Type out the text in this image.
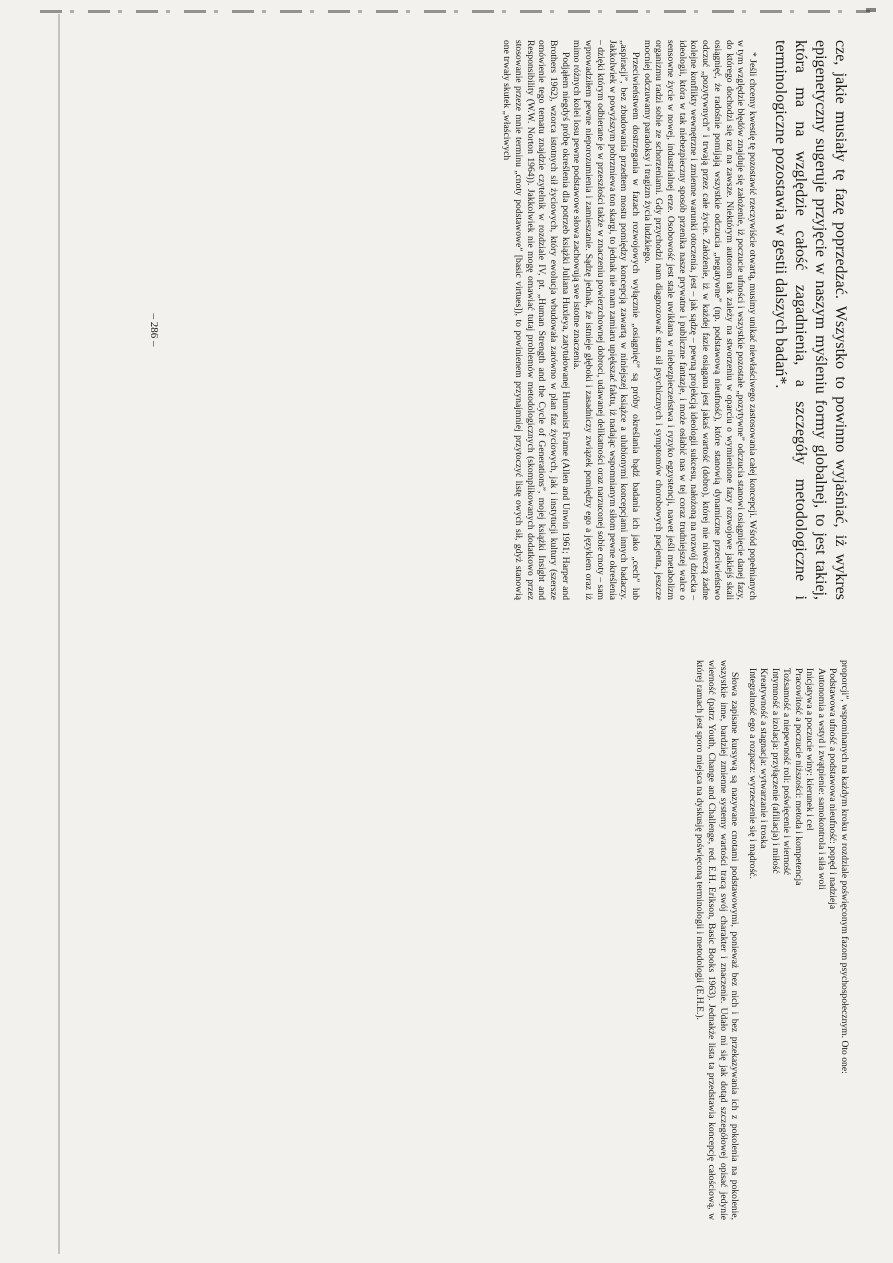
cze, jakie musiały tę fazę poprzedzać. Wszystko to powinno wyjaśniać, iż wykres epigenetyczny sugeruje przyjęcie w naszym myśleniu formy globalnej, to jest takiej, która ma na względzie całość zagadnienia, a szczegóły metodologiczne i terminologiczne pozostawia w gestii dalszych badań*.

* Jeśli chcemy kwestię tę pozostawić rzeczywiście otwartą, musimy unikać niewłaściwego zastosowania całej koncepcji. Wśród popełnianych w tym względzie błędów znajduje się założenie, iż poczucie ufności i wszystkie pozostałe „pozytywne” odczucia stanowi osiągnięcie danej fazy, do którego dochodzi się raz na zawsze. Niektórym autorom tak zależy na stworzeniu w oparciu o wymienione fazy rozwojowe jakiejś skali osiągnięć, że radośnie pomijają wszystkie odczucia „negatywne” (np. podstawową nieufność), które stanowią dynamiczne przeciwieństwo odczuć „pozytywnych” i trwają przez całe życie. Założenie, iż w każdej fazie osiągana jest jakaś wartość (dobro), której nie niweczą żadne kolejne konflikty wewnętrzne i zmienne warunki otoczenia, jest – jak sądzę – pewną projekcją ideologii sukcesu, nałożoną na rozwój dziecka – ideologii, która w tak niebezpieczny sposób przenika nasze prywatne i publiczne fantazje, i może osłabić nas w tej coraz trudniejszej walce o sensowne życie w nowej, industrialnej erze. Osobowość jest stale uwikłana w niebezpieczeństwa i ryzyko egzystencji, nawet jeśli metabolizm organizmu radzi sobie ze schorzeniami. Gdy przychodzi nam diagnozować stan sił psychicznych i symptomów chorobowych pacjenta, jeszcze mocniej odczuwamy paradoksy i tragizm życia ludzkiego.

Przeciwieństwem dostrzegania w fazach rozwojowych wyłącznie „osiągnięć” są próby określania bądź badania ich jako „cech” lub „aspiracji”, bez zbudowania przedtem mostu pomiędzy koncepcją zawartą w niniejszej książce a ulubionymi koncepcjami innych badaczy. Jakkolwiek w powyższym pobrzmiewa ton skargi, to jednak nie mam zamiaru upiększać faktu, iż nadając wspomnianym siłom pewne określenia – dzięki którym odbierane je w przeszłości także w znaczeniu powierzchownej dobroci, udawanej delikatności oraz narzuconej sobie cnoty – sam wprowadziłem pewne nieporozumienia i zamieszanie. Sądzę jednak, że istnieje głęboki i zasadniczy związek pomiędzy ego a językiem oraz iż mimo różnych kolei losu pewne podstawowe słowa zachowują swe istotne znaczenia.

Podjąłem niegdyś próbę określenia dla potrzeb książki Juliana Huxleya, zatytułowanej Humanist Frame (Allen and Unwin 1961; Harper and Brothers 1962), wzorca istotnych sił życiowych, który ewolucja wbudowała zarówno w plan faz życiowych, jak i instytucji kultury (szersze omówienie tego tematu znajdzie czytelnik w rozdziale IV, pt. „Human Strength and the Cycle of Generations”, mojej książki Insight and Responsibility (W.W. Norton 1964)). Jakkolwiek nie mogę omawiać tutaj problemów metodologicznych (skomplikowanych dodatkowo przez stosowanie przeze mnie terminu „cnoty podstawowe” [basic virtues]), to powinienem przynajmniej przytoczyć listę owych sił, gdyż stanowią one trwały skutek „właściwych

– 286 –

proporcji”, wspominanych na każdym kroku w rozdziale poświęconym fazom psychospołecznym. Oto one:

Podstawowa ufność a podstawowa nieufność: popęd i nadzieja
Autonomia a wstyd i zwątpienie: samokontrola i siła woli
Inicjatywa a poczucie winy: kierunek i cel
Pracowitość a poczucie niższości: metoda i kompetencja
Tożsamość a niepewność roli: poświęcenie i wierność
Intymność a izolacja: przyłączenie (afiliacja) i miłość
Kreatywność a stagnacja: wytwarzanie i troska
Integralność ego a rozpacz: wyrzeczenie się i mądrość.

Słowa zapisane kursywą są nazywane cnotami podstawowymi, ponieważ bez nich i bez przekazywania ich z pokolenia na pokolenie, wszystkie inne, bardziej zmienne systemy wartości tracą swój charakter i znaczenie. Udało mi się jak dotąd szczegółowej opisać jedynie wierność (patrz Youth, Change and Challenge, red. E.H. Erikson, Basic Books 1963). Jednakże lista ta przedstawia koncepcję całościową, w której ramach jest sporo miejsca na dyskusję poświęconą terminologii i metodologii (E.H.E.).
